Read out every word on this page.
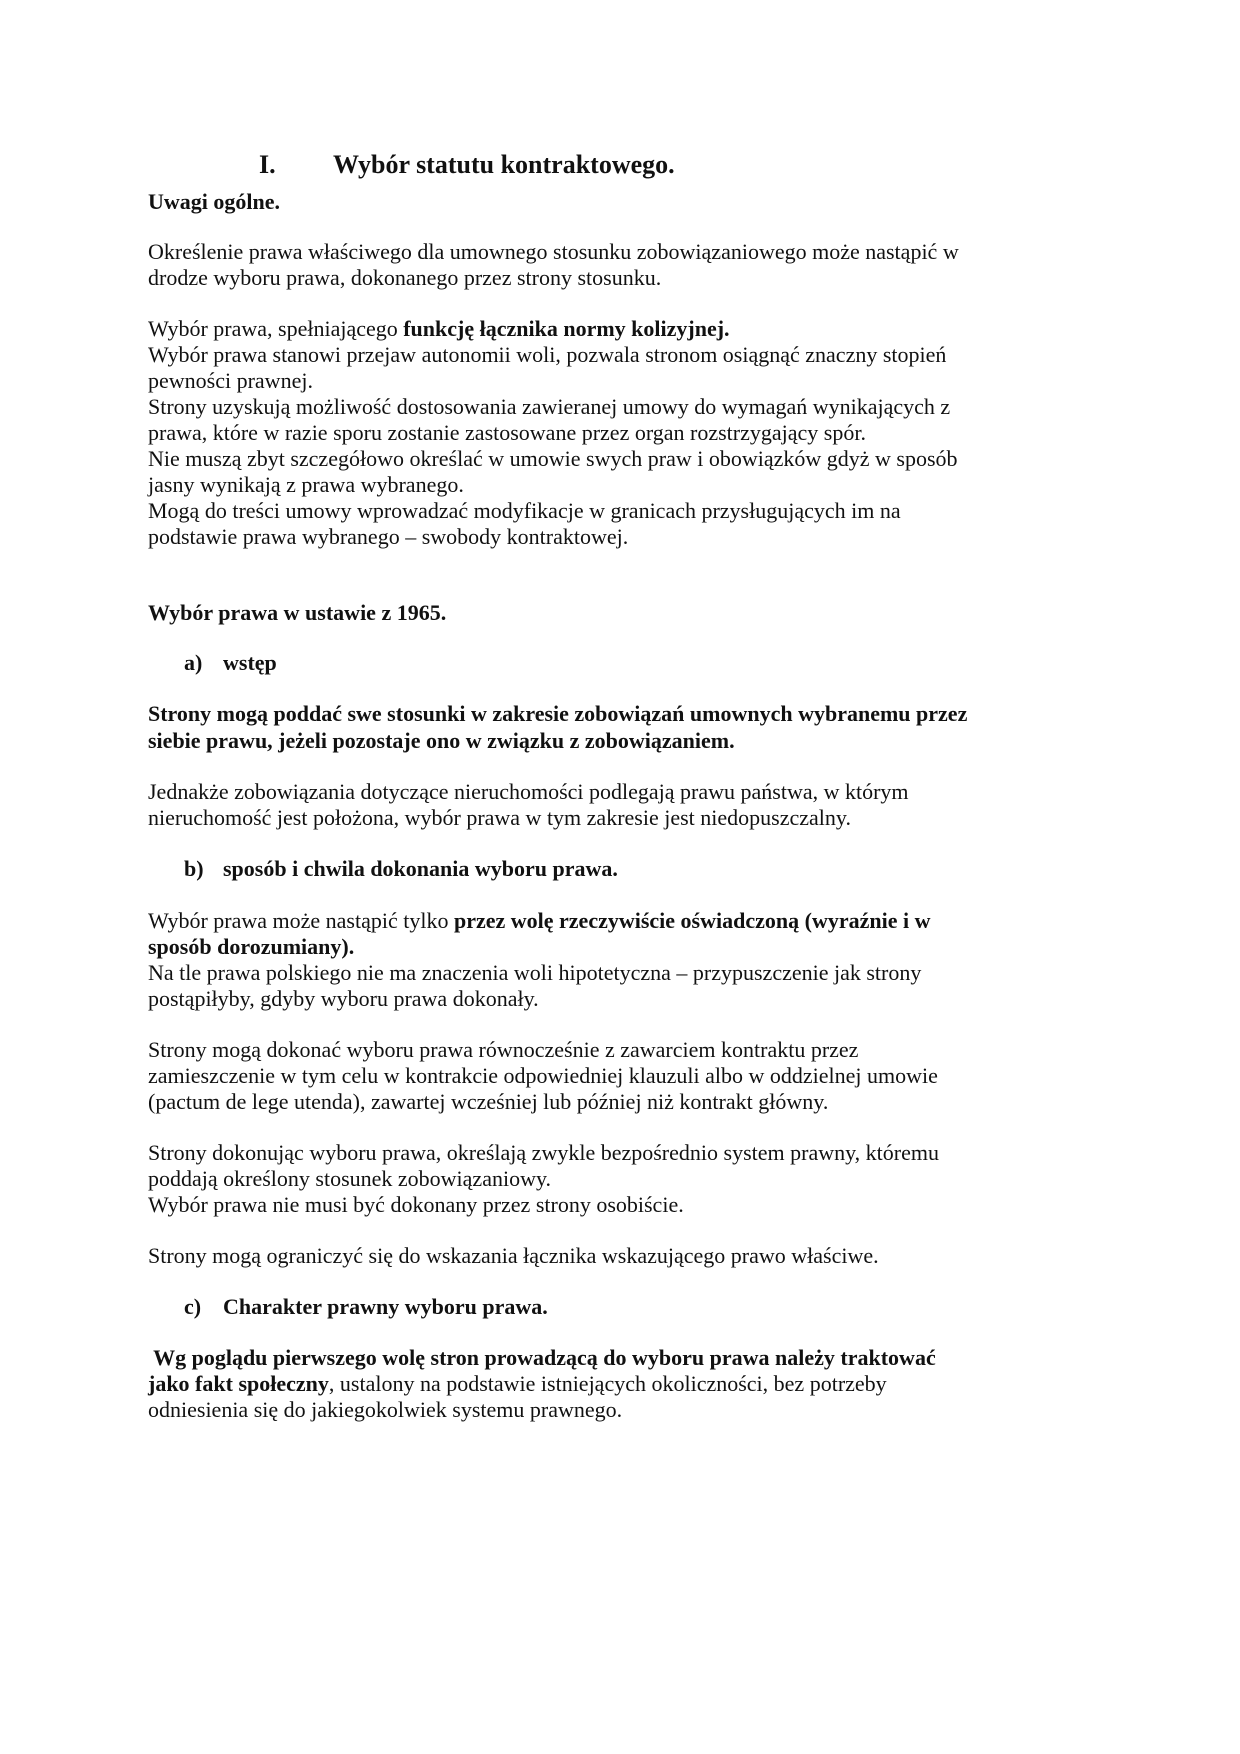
I. Wybór statutu kontraktowego.
Uwagi ogólne.
Określenie prawa właściwego dla umownego stosunku zobowiązaniowego może nastąpić w
drodze wyboru prawa, dokonanego przez strony stosunku.
Wybór prawa, spełniającego funkcję łącznika normy kolizyjnej.
Wybór prawa stanowi przejaw autonomii woli, pozwala stronom osiągnąć znaczny stopień
pewności prawnej.
Strony uzyskują możliwość dostosowania zawieranej umowy do wymagań wynikających z
prawa, które w razie sporu zostanie zastosowane przez organ rozstrzygający spór.
Nie muszą zbyt szczegółowo określać w umowie swych praw i obowiązków gdyż w sposób
jasny wynikają z prawa wybranego.
Mogą do treści umowy wprowadzać modyfikacje w granicach przysługujących im na
podstawie prawa wybranego – swobody kontraktowej.
Wybór prawa w ustawie z 1965.
a) wstęp
Strony mogą poddać swe stosunki w zakresie zobowiązań umownych wybranemu przez
siebie prawu, jeżeli pozostaje ono w związku z zobowiązaniem.
Jednakże zobowiązania dotyczące nieruchomości podlegają prawu państwa, w którym
nieruchomość jest położona, wybór prawa w tym zakresie jest niedopuszczalny.
b) sposób i chwila dokonania wyboru prawa.
Wybór prawa może nastąpić tylko przez wolę rzeczywiście oświadczoną (wyraźnie i w
sposób dorozumiany).
Na tle prawa polskiego nie ma znaczenia woli hipotetyczna – przypuszczenie jak strony
postąpiłyby, gdyby wyboru prawa dokonały.
Strony mogą dokonać wyboru prawa równocześnie z zawarciem kontraktu przez
zamieszczenie w tym celu w kontrakcie odpowiedniej klauzuli albo w oddzielnej umowie
(pactum de lege utenda), zawartej wcześniej lub później niż kontrakt główny.
Strony dokonując wyboru prawa, określają zwykle bezpośrednio system prawny, któremu
poddają określony stosunek zobowiązaniowy.
Wybór prawa nie musi być dokonany przez strony osobiście.
Strony mogą ograniczyć się do wskazania łącznika wskazującego prawo właściwe.
c) Charakter prawny wyboru prawa.
Wg poglądu pierwszego wolę stron prowadzącą do wyboru prawa należy traktować
jako fakt społeczny, ustalony na podstawie istniejących okoliczności, bez potrzeby
odniesienia się do jakiegokolwiek systemu prawnego.
